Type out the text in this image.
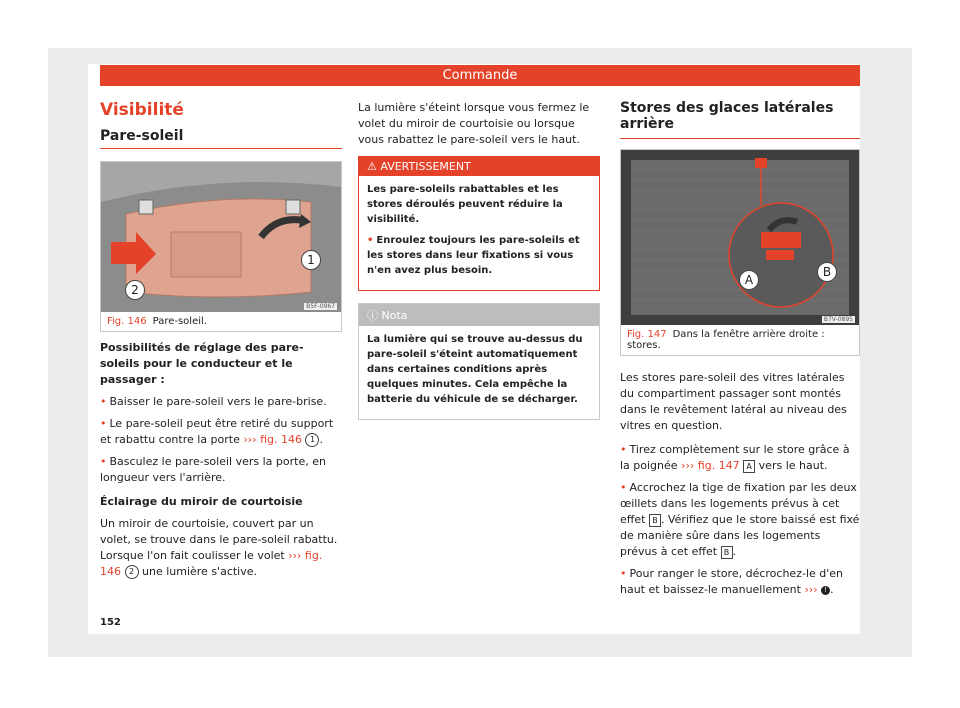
Commande
Visibilité
Pare-soleil
1
2
B5F-0967
Fig. 146 Pare-soleil.

Possibilités de réglage des pare-soleils pour le conducteur et le passager :

• Baisser le pare-soleil vers le pare-brise.

• Le pare-soleil peut être retiré du support et rabattu contre la porte ››› fig. 146 1 .

• Basculez le pare-soleil vers la porte, en longueur vers l'arrière.

Éclairage du miroir de courtoisie

Un miroir de courtoisie, couvert par un volet, se trouve dans le pare-soleil rabattu. Lorsque l'on fait coulisser le volet ››› fig. 146 2 une lumière s'active.

La lumière s'éteint lorsque vous fermez le volet du miroir de courtoisie ou lorsque vous rabattez le pare-soleil vers le haut.

⚠ AVERTISSEMENT

Les pare-soleils rabattables et les stores déroulés peuvent réduire la visibilité.

• Enroulez toujours les pare-soleils et les stores dans leur fixations si vous n'en avez plus besoin.

ⓘ Nota

La lumière qui se trouve au-dessus du pare-soleil s'éteint automatiquement dans certaines conditions après quelques minutes. Cela empêche la batterie du véhicule de se décharger.

Stores des glaces latérales arrière
A
B
B7V-0895
Fig. 147 Dans la fenêtre arrière droite : stores.

Les stores pare-soleil des vitres latérales du compartiment passager sont montés dans le revêtement latéral au niveau des vitres en question.

• Tirez complètement sur le store grâce à la poignée ››› fig. 147 A vers le haut.

• Accrochez la tige de fixation par les deux œillets dans les logements prévus à cet effet B . Vérifiez que le store baissé est fixé de manière sûre dans les logements prévus à cet effet B .

• Pour ranger le store, décrochez-le d'en haut et baissez-le manuellement ››› ! .

152
